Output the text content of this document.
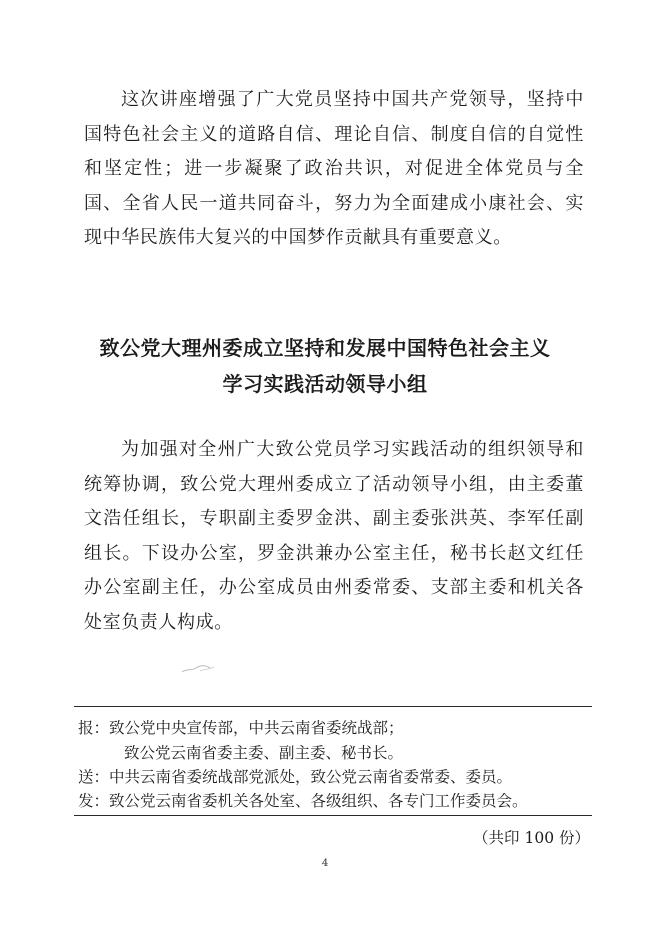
这次讲座增强了广大党员坚持中国共产党领导，坚持中国特色社会主义的道路自信、理论自信、制度自信的自觉性和坚定性；进一步凝聚了政治共识，对促进全体党员与全国、全省人民一道共同奋斗，努力为全面建成小康社会、实现中华民族伟大复兴的中国梦作贡献具有重要意义。

致公党大理州委成立坚持和发展中国特色社会主义
学习实践活动领导小组

为加强对全州广大致公党员学习实践活动的组织领导和统筹协调，致公党大理州委成立了活动领导小组，由主委董文浩任组长，专职副主委罗金洪、副主委张洪英、李军任副组长。下设办公室，罗金洪兼办公室主任，秘书长赵文红任办公室副主任，办公室成员由州委常委、支部主委和机关各处室负责人构成。

报：致公党中央宣传部，中共云南省委统战部；

致公党云南省委主委、副主委、秘书长。

送：中共云南省委统战部党派处，致公党云南省委常委、委员。

发：致公党云南省委机关各处室、各级组织、各专门工作委员会。

（共印 100 份）
4
